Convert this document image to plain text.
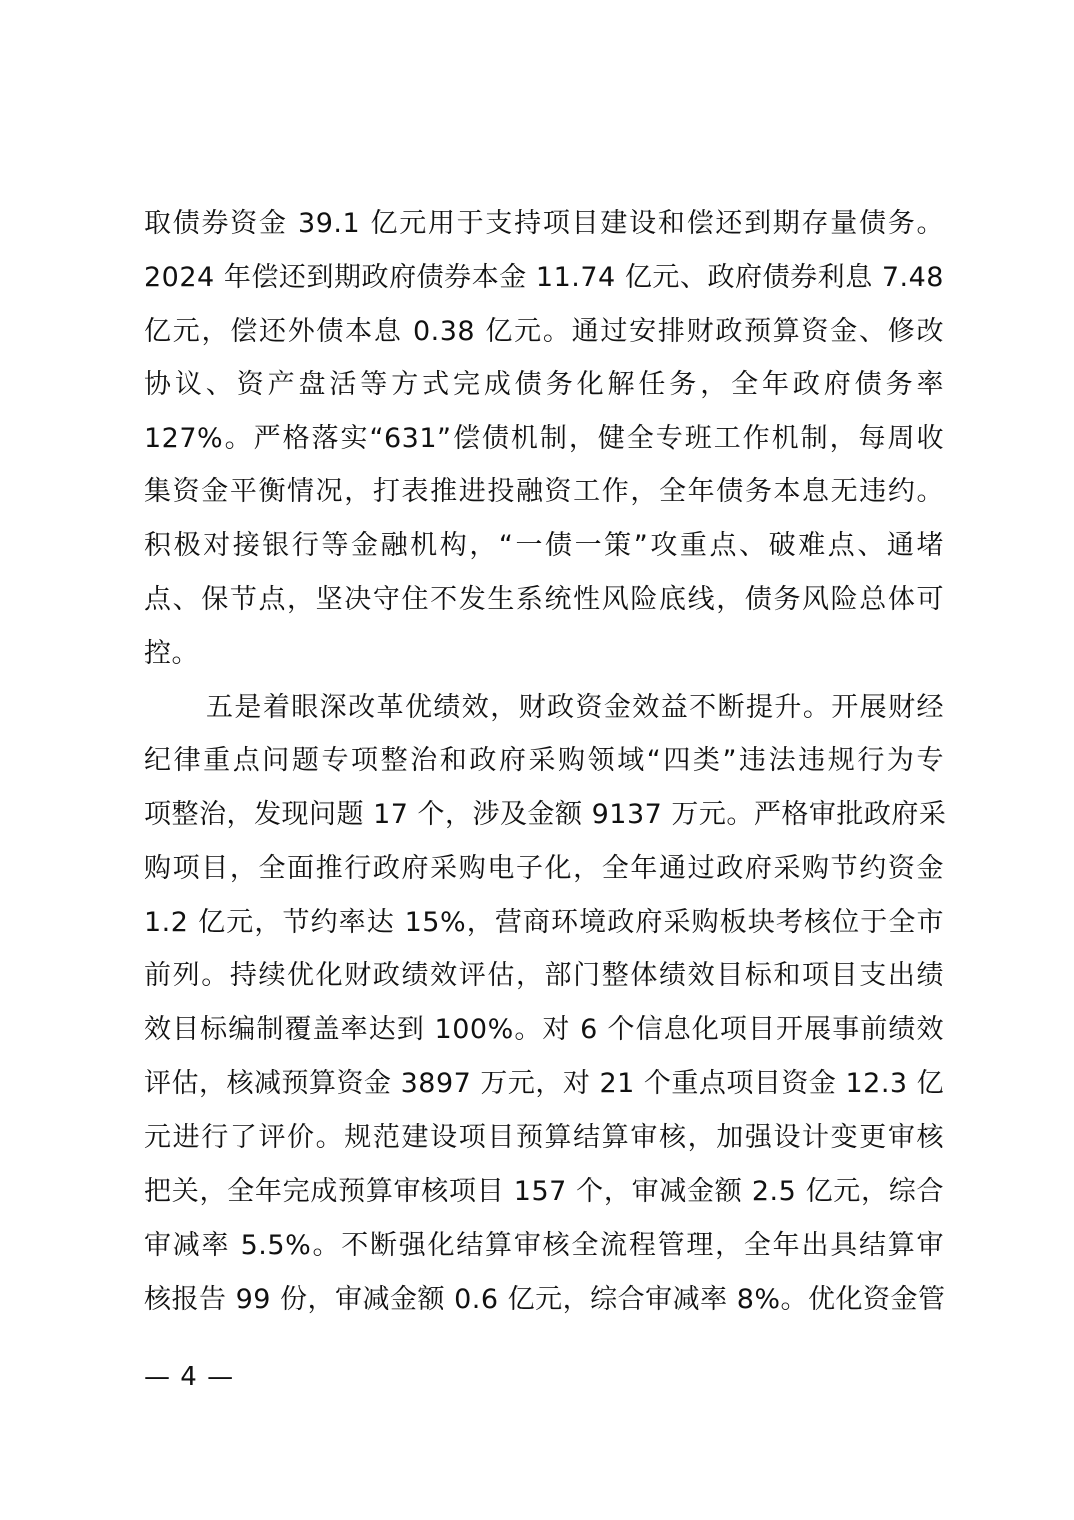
取债券资金 39.1 亿元用于支持项目建设和偿还到期存量债务。
2024 年偿还到期政府债券本金 11.74 亿元、政府债券利息 7.48
亿元，偿还外债本息 0.38 亿元。通过安排财政预算资金、修改
协议、资产盘活等方式完成债务化解任务，全年政府债务率
127%。严格落实“631”偿债机制，健全专班工作机制，每周收
集资金平衡情况，打表推进投融资工作，全年债务本息无违约。
积极对接银行等金融机构，“一债一策”攻重点、破难点、通堵
点、保节点，坚决守住不发生系统性风险底线，债务风险总体可
控。
五是着眼深改革优绩效，财政资金效益不断提升。开展财经
纪律重点问题专项整治和政府采购领域“四类”违法违规行为专
项整治，发现问题 17 个，涉及金额 9137 万元。严格审批政府采
购项目，全面推行政府采购电子化，全年通过政府采购节约资金
1.2 亿元，节约率达 15%，营商环境政府采购板块考核位于全市
前列。持续优化财政绩效评估，部门整体绩效目标和项目支出绩
效目标编制覆盖率达到 100%。对 6 个信息化项目开展事前绩效
评估，核减预算资金 3897 万元，对 21 个重点项目资金 12.3 亿
元进行了评价。规范建设项目预算结算审核，加强设计变更审核
把关，全年完成预算审核项目 157 个，审减金额 2.5 亿元，综合
审减率 5.5%。不断强化结算审核全流程管理，全年出具结算审
核报告 99 份，审减金额 0.6 亿元，综合审减率 8%。优化资金管
— 4 —
